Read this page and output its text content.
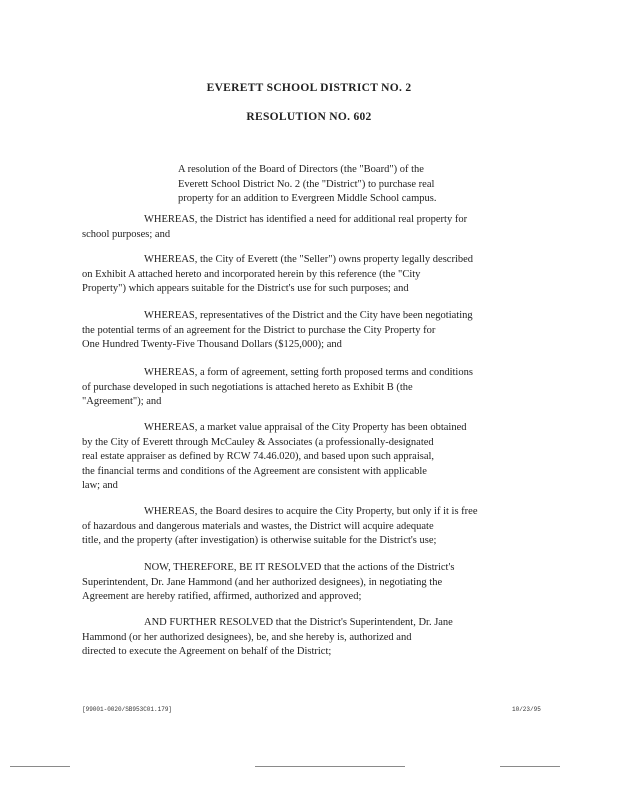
EVERETT SCHOOL DISTRICT NO. 2
RESOLUTION NO. 602
A resolution of the Board of Directors (the "Board") of the
Everett School District No. 2 (the "District") to purchase real
property for an addition to Evergreen Middle School campus.
WHEREAS, the District has identified a need for additional real property for
school purposes; and
WHEREAS, the City of Everett (the "Seller") owns property legally described
on Exhibit A attached hereto and incorporated herein by this reference (the "City
Property") which appears suitable for the District's use for such purposes; and
WHEREAS, representatives of the District and the City have been negotiating
the potential terms of an agreement for the District to purchase the City Property for
One Hundred Twenty-Five Thousand Dollars ($125,000); and
WHEREAS, a form of agreement, setting forth proposed terms and conditions
of purchase developed in such negotiations is attached hereto as Exhibit B (the
"Agreement"); and
WHEREAS, a market value appraisal of the City Property has been obtained
by the City of Everett through McCauley & Associates (a professionally-designated
real estate appraiser as defined by RCW 74.46.020), and based upon such appraisal,
the financial terms and conditions of the Agreement are consistent with applicable
law; and
WHEREAS, the Board desires to acquire the City Property, but only if it is free
of hazardous and dangerous materials and wastes, the District will acquire adequate
title, and the property (after investigation) is otherwise suitable for the District's use;
NOW, THEREFORE, BE IT RESOLVED that the actions of the District's
Superintendent, Dr. Jane Hammond (and her authorized designees), in negotiating the
Agreement are hereby ratified, affirmed, authorized and approved;
AND FURTHER RESOLVED that the District's Superintendent, Dr. Jane
Hammond (or her authorized designees), be, and she hereby is, authorized and
directed to execute the Agreement on behalf of the District;
[99001-0020/SB953C01.179]	10/23/95
